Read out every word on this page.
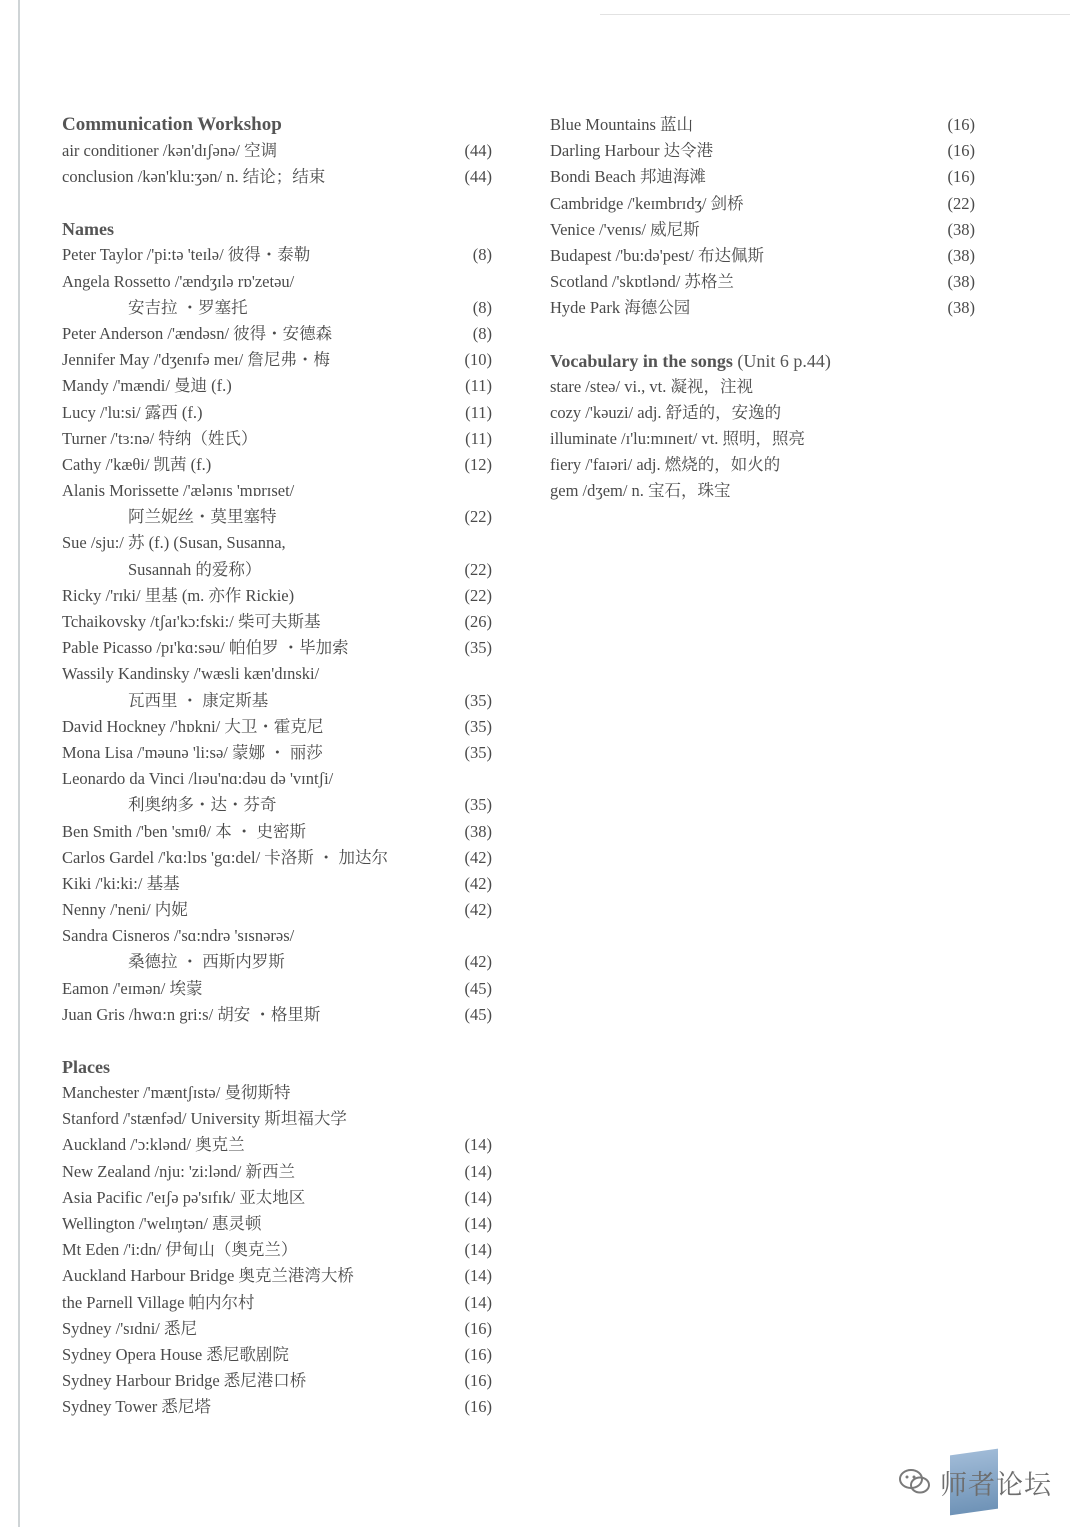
Communication Workshop
air conditioner /kən'dɪʃənə/ 空调	(44)
conclusion /kən'klu:ʒən/ n. 结论；结束	(44)
Names
Peter Taylor /'pi:tə 'teɪlə/ 彼得・泰勒	(8)
Angela Rossetto /'ændʒɪlə rɒ'zetəu/
安吉拉 ・罗塞托	(8)
Peter Anderson /'ændəsn/ 彼得・安德森	(8)
Jennifer May /'dʒenɪfə meɪ/ 詹尼弗・梅	(10)
Mandy /'mændi/ 曼迪 (f.)	(11)
Lucy /'lu:si/ 露西 (f.)	(11)
Turner /'tɜ:nə/ 特纳（姓氏）	(11)
Cathy /'kæθi/ 凯茜 (f.)	(12)
Alanis Morissette /'ælənɪs 'mɒrɪset/
阿兰妮丝・莫里塞特	(22)
Sue /sju:/ 苏 (f.) (Susan, Susanna,
Susannah 的爱称）	(22)
Ricky /'rɪki/ 里基 (m. 亦作 Rickie)	(22)
Tchaikovsky /tʃaɪ'kɔ:fski:/ 柴可夫斯基	(26)
Pable Picasso /pɪ'kɑ:səu/ 帕伯罗 ・毕加索	(35)
Wassily Kandinsky /'wæsli kæn'dɪnski/
瓦西里 ・ 康定斯基	(35)
David Hockney /'hɒkni/ 大卫・霍克尼	(35)
Mona Lisa /'məunə 'li:sə/ 蒙娜 ・ 丽莎	(35)
Leonardo da Vinci /lɪəu'nɑ:dəu də 'vɪntʃi/
利奥纳多・达・芬奇	(35)
Ben Smith /'ben 'smɪθ/ 本 ・ 史密斯	(38)
Carlos Gardel /'kɑ:lɒs 'gɑ:del/ 卡洛斯 ・ 加达尔	(42)
Kiki /'ki:ki:/ 基基	(42)
Nenny /'neni/ 内妮	(42)
Sandra Cisneros /'sɑ:ndrə 'sɪsnərəs/
桑德拉 ・ 西斯内罗斯	(42)
Eamon /'eɪmən/ 埃蒙	(45)
Juan Gris /hwɑ:n gri:s/ 胡安 ・格里斯	(45)
Places
Manchester /'mæntʃɪstə/ 曼彻斯特
Stanford /'stænfəd/ University 斯坦福大学
Auckland /'ɔ:klənd/ 奥克兰	(14)
New Zealand /nju: 'zi:lənd/ 新西兰	(14)
Asia Pacific /'eɪʃə pə'sɪfɪk/ 亚太地区	(14)
Wellington /'welɪŋtən/ 惠灵顿	(14)
Mt Eden /'i:dn/ 伊甸山（奥克兰）	(14)
Auckland Harbour Bridge 奥克兰港湾大桥	(14)
the Parnell Village 帕内尔村	(14)
Sydney /'sɪdni/ 悉尼	(16)
Sydney Opera House 悉尼歌剧院	(16)
Sydney Harbour Bridge 悉尼港口桥	(16)
Sydney Tower 悉尼塔	(16)
Blue Mountains 蓝山	(16)
Darling Harbour 达令港	(16)
Bondi Beach 邦迪海滩	(16)
Cambridge /'keɪmbrɪdʒ/ 剑桥	(22)
Venice /'venɪs/ 威尼斯	(38)
Budapest /'bu:də'pest/ 布达佩斯	(38)
Scotland /'skɒtlənd/ 苏格兰	(38)
Hyde Park 海德公园	(38)
Vocabulary in the songs (Unit 6 p.44)
stare /steə/ vi., vt. 凝视，注视
cozy /'kəuzi/ adj. 舒适的，安逸的
illuminate /ɪ'lu:mɪneɪt/ vt. 照明，照亮
fiery /'faɪəri/ adj. 燃烧的，如火的
gem /dʒem/ n. 宝石，珠宝
师者论坛
